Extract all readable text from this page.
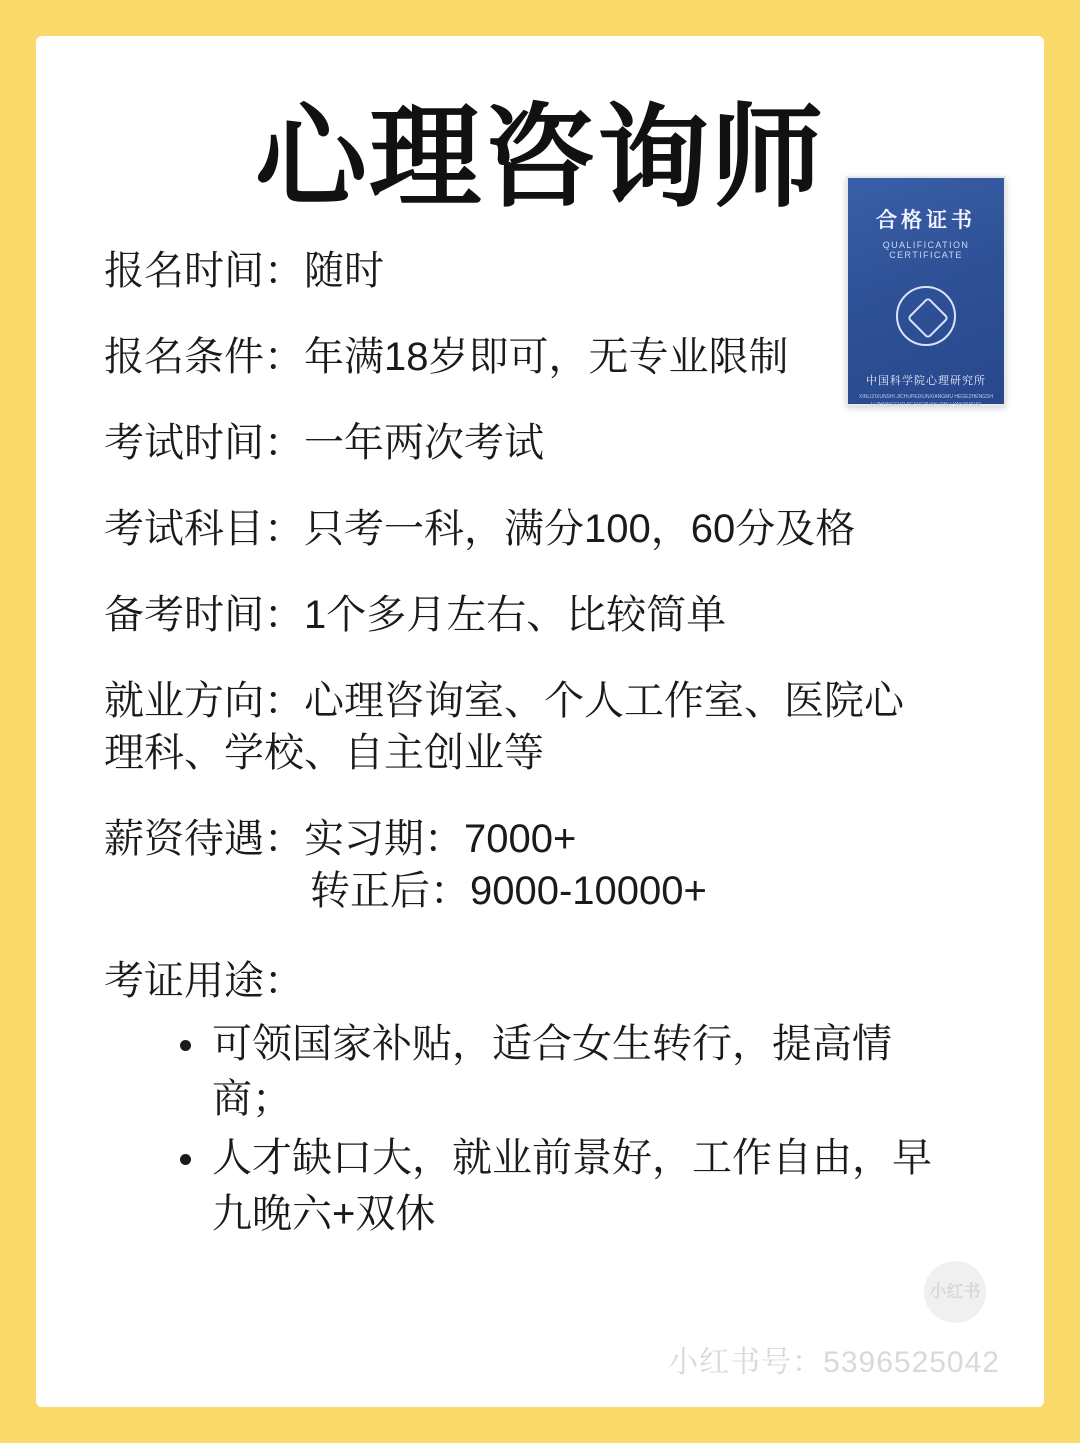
心理咨询师
合格证书
QUALIFICATION CERTIFICATE
中国科学院心理研究所
XINLIZIXUNSHI JICHUPEIXUNXIANGMU HEGEZHENGSHU ZHONGGUO KEXUEYUAN XINLI YANJIUSUO

报名时间：随时

报名条件：年满18岁即可，无专业限制

考试时间：一年两次考试

考试科目：只考一科，满分100，60分及格

备考时间：1个多月左右、比较简单

就业方向：心理咨询室、个人工作室、医院心理科、学校、自主创业等

薪资待遇：实习期：7000+
转正后：9000-10000+

考证用途：

可领国家补贴，适合女生转行，提高情商；
人才缺口大，就业前景好，工作自由，早九晚六+双休
小红书
小红书号：5396525042
